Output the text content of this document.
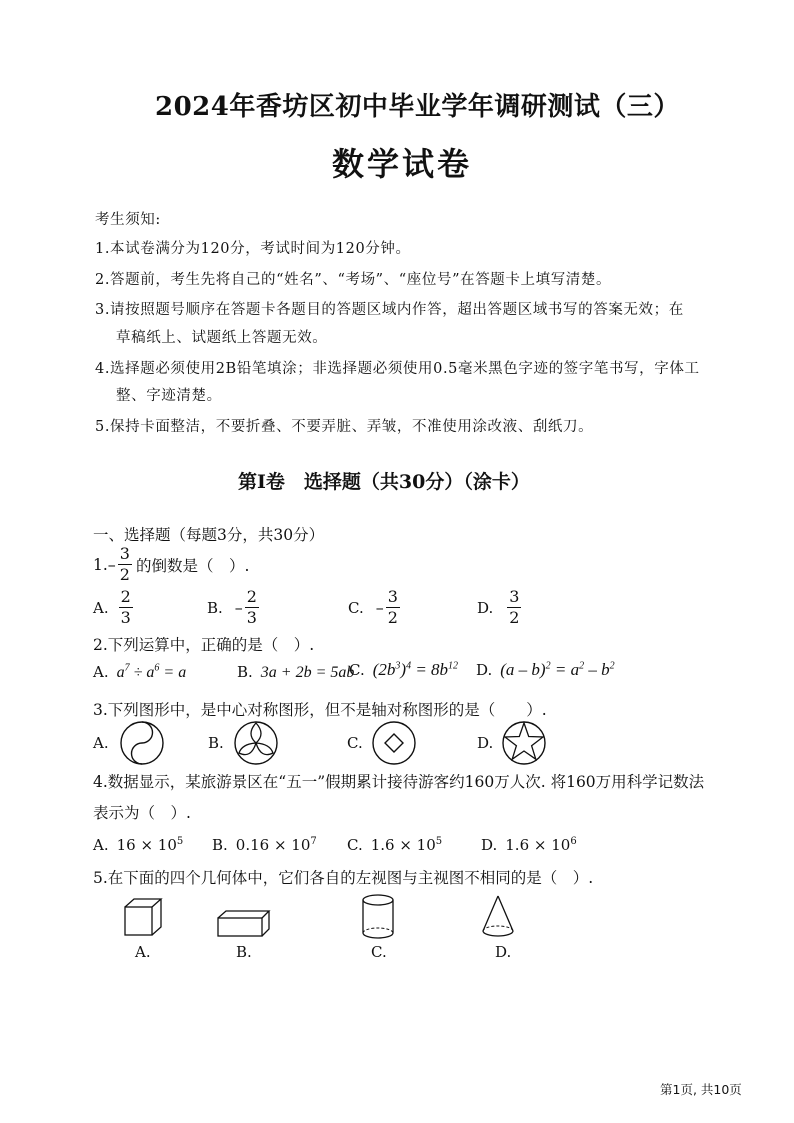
2024年香坊区初中毕业学年调研测试（三）
数学试卷
考生须知:
1.本试卷满分为120分，考试时间为120分钟。
2.答题前，考生先将自己的“姓名”、“考场”、“座位号”在答题卡上填写清楚。
3.请按照题号顺序在答题卡各题目的答题区域内作答，超出答题区域书写的答案无效；在
草稿纸上、试题纸上答题无效。
4.选择题必须使用2B铅笔填涂；非选择题必须使用0.5毫米黑色字迹的签字笔书写，字体工
整、字迹清楚。
5.保持卡面整洁，不要折叠、不要弄脏、弄皱，不准使用涂改液、刮纸刀。
第Ⅰ卷　选择题（共30分）（涂卡）
一、选择题（每题3分，共30分）
1. – $\frac{3}{2}$ 的倒数是（　）.
A. $\frac{2}{3}$	B. – $\frac{2}{3}$	C. – $\frac{3}{2}$	D. $\frac{3}{2}$
2.下列运算中，正确的是（　）.
A. $a^7 \div a^6 = a$	B. 3a + 2b = 5ab
C. $(2b^3)^4 = 8b^{12}$ D. $(a - b)^2 = a^2 - b^2$
3.下列图形中，是中心对称图形，但不是轴对称图形的是（　　）.
A.	B.	C.	D.
4.数据显示，某旅游景区在“五一”假期累计接待游客约160万人次. 将160万用科学记数法
表示为（　）.
A. $16 \times 10^5$ B. $0.16 \times 10^7$ C. $1.6 \times 10^5$	D. $1.6 \times 10^6$
5.在下面的四个几何体中，它们各自的左视图与主视图不相同的是（　）.
A.	B.	C.	D.
第1页, 共10页
